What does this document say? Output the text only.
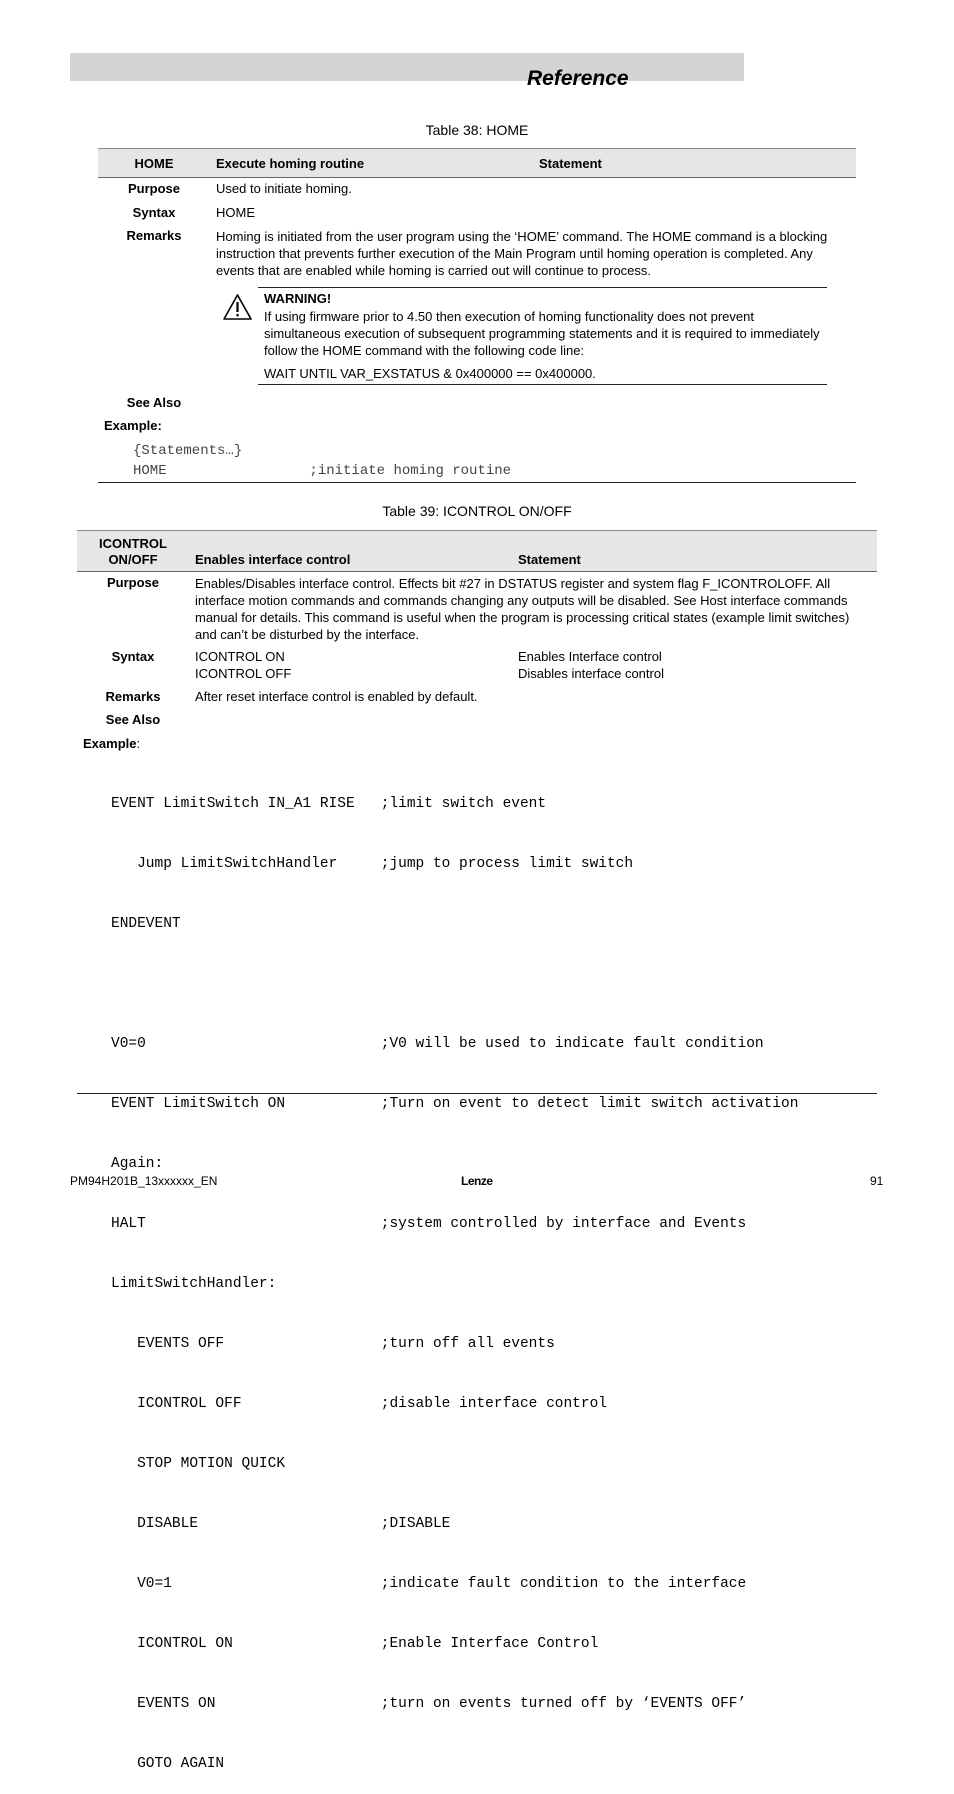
Reference
Table 38: HOME
HOME	Execute homing routine	Statement
Purpose	Used to initiate homing.
Syntax	HOME
Remarks	Homing is initiated from the user program using the ‘HOME’ command. The HOME command is a blocking instruction that prevents further execution of the Main Program until homing operation is completed. Any events that are enabled while homing is carried out will continue to process.
WARNING!
If using firmware prior to 4.50 then execution of homing functionality does not prevent simultaneous execution of subsequent programming statements and it is required to immediately follow the HOME command with the following code line:
WAIT UNTIL VAR_EXSTATUS & 0x400000 == 0x400000.
See Also
Example:
{Statements…}
HOME                 ;initiate homing routine
Table 39: ICONTROL ON/OFF
ICONTROL
ON/OFF	Enables interface control	Statement
Purpose	Enables/Disables interface control. Effects bit #27 in DSTATUS register and system flag F_ICONTROLOFF. All interface motion commands and commands changing any outputs will be disabled. See Host interface commands manual for details. This command is useful when the program is processing critical states (example limit switches) and can’t be disturbed by the interface.
Syntax	ICONTROL ON	Enables Interface control
ICONTROL OFF	Disables interface control
Remarks	After reset interface control is enabled by default.
See Also
Example:

EVENT LimitSwitch IN_A1 RISE   ;limit switch event

Jump LimitSwitchHandler     ;jump to process limit switch

ENDEVENT

V0=0                           ;V0 will be used to indicate fault condition

EVENT LimitSwitch ON           ;Turn on event to detect limit switch activation

Again:

HALT                           ;system controlled by interface and Events

LimitSwitchHandler:

EVENTS OFF                  ;turn off all events

ICONTROL OFF                ;disable interface control

STOP MOTION QUICK

DISABLE                     ;DISABLE

V0=1                        ;indicate fault condition to the interface

ICONTROL ON                 ;Enable Interface Control

EVENTS ON                   ;turn on events turned off by ‘EVENTS OFF’

GOTO AGAIN

PM94H201B_13xxxxxx_EN	Lenze	91
